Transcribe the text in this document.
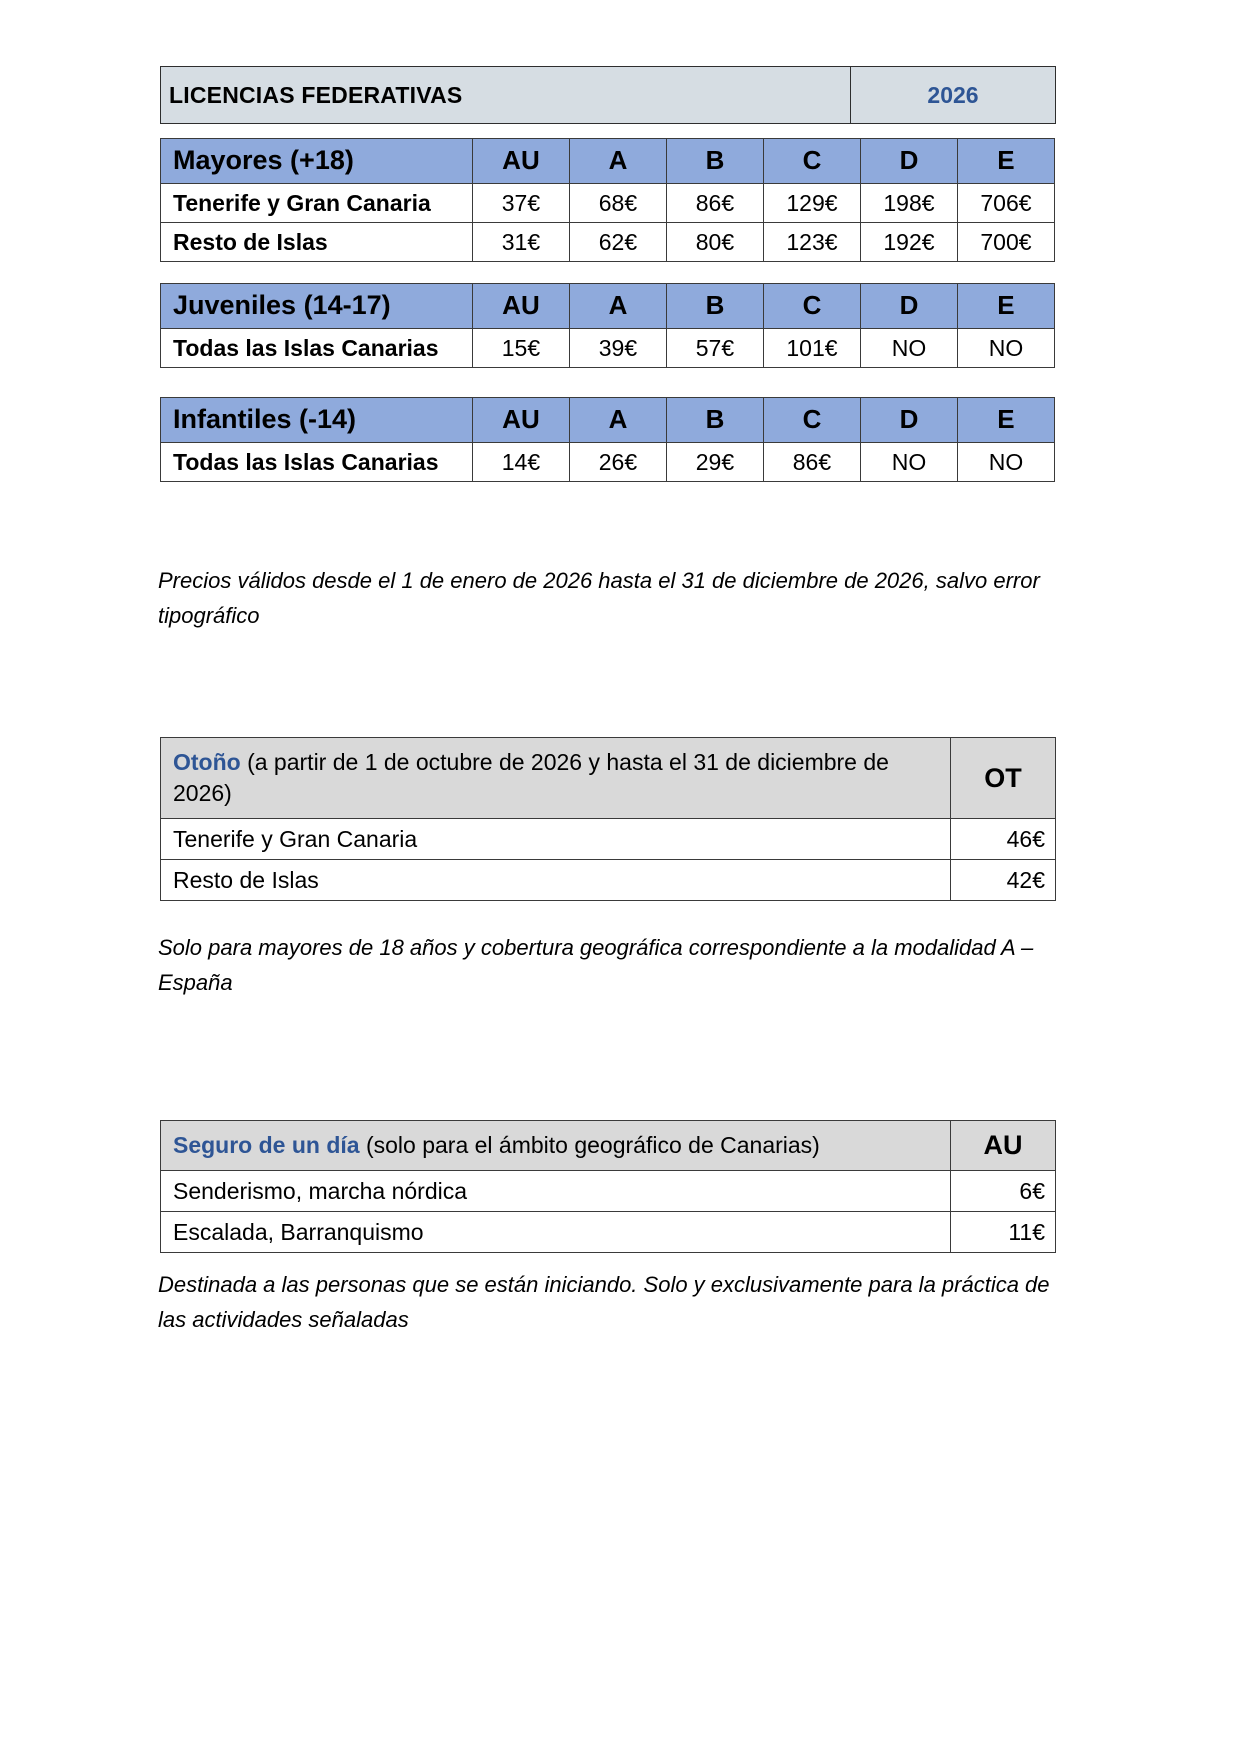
LICENCIAS FEDERATIVAS	2026
Mayores (+18)	AU	A	B	C	D	E
Tenerife y Gran Canaria	37€	68€	86€	129€	198€	706€
Resto de Islas	31€	62€	80€	123€	192€	700€
Juveniles (14-17)	AU	A	B	C	D	E
Todas las Islas Canarias	15€	39€	57€	101€	NO	NO
Infantiles (-14)	AU	A	B	C	D	E
Todas las Islas Canarias	14€	26€	29€	86€	NO	NO
Precios válidos desde el 1 de enero de 2026 hasta el 31 de diciembre de 2026, salvo error tipográfico
Otoño (a partir de 1 de octubre de 2026 y hasta el 31 de diciembre de 2026)	OT
Tenerife y Gran Canaria	46€
Resto de Islas	42€
Solo para mayores de 18 años y cobertura geográfica correspondiente a la modalidad A – España
Seguro de un día (solo para el ámbito geográfico de Canarias)	AU
Senderismo, marcha nórdica	6€
Escalada, Barranquismo	11€
Destinada a las personas que se están iniciando. Solo y exclusivamente para la práctica de las actividades señaladas
